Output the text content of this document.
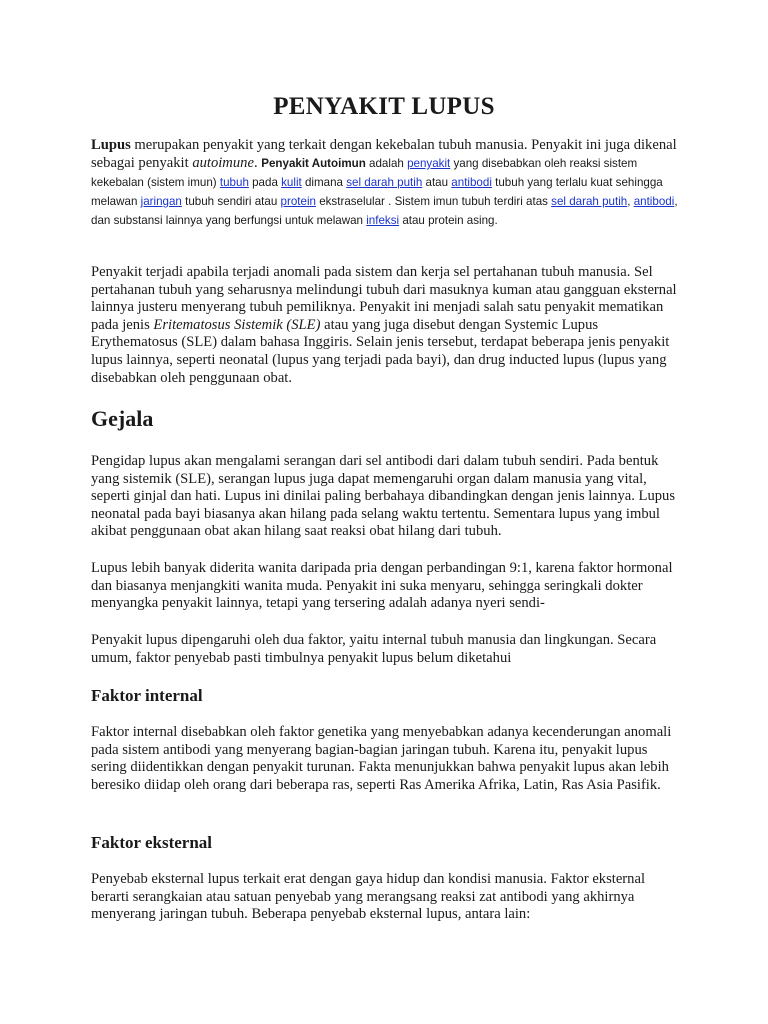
PENYAKIT LUPUS

Lupus merupakan penyakit yang terkait dengan kekebalan tubuh manusia. Penyakit ini juga dikenal sebagai penyakit autoimune. Penyakit Autoimun adalah penyakit yang disebabkan oleh reaksi sistem kekebalan (sistem imun) tubuh pada kulit dimana sel darah putih atau antibodi tubuh yang terlalu kuat sehingga melawan jaringan tubuh sendiri atau protein ekstraselular . Sistem imun tubuh terdiri atas sel darah putih, antibodi, dan substansi lainnya yang berfungsi untuk melawan infeksi atau protein asing.

Penyakit terjadi apabila terjadi anomali pada sistem dan kerja sel pertahanan tubuh manusia. Sel pertahanan tubuh yang seharusnya melindungi tubuh dari masuknya kuman atau gangguan eksternal lainnya justeru menyerang tubuh pemiliknya. Penyakit ini menjadi salah satu penyakit mematikan pada jenis Eritematosus Sistemik (SLE) atau yang juga disebut dengan Systemic Lupus Erythematosus (SLE) dalam bahasa Inggiris. Selain jenis tersebut, terdapat beberapa jenis penyakit lupus lainnya, seperti neonatal (lupus yang terjadi pada bayi), dan drug inducted lupus (lupus yang disebabkan oleh penggunaan obat.

Gejala

Pengidap lupus akan mengalami serangan dari sel antibodi dari dalam tubuh sendiri. Pada bentuk yang sistemik (SLE), serangan lupus juga dapat memengaruhi organ dalam manusia yang vital, seperti ginjal dan hati. Lupus ini dinilai paling berbahaya dibandingkan dengan jenis lainnya. Lupus neonatal pada bayi biasanya akan hilang pada selang waktu tertentu. Sementara lupus yang imbul akibat penggunaan obat akan hilang saat reaksi obat hilang dari tubuh.

Lupus lebih banyak diderita wanita daripada pria dengan perbandingan 9:1, karena faktor hormonal dan biasanya menjangkiti wanita muda. Penyakit ini suka menyaru, sehingga seringkali dokter menyangka penyakit lainnya, tetapi yang tersering adalah adanya nyeri sendi-

Penyakit lupus dipengaruhi oleh dua faktor, yaitu internal tubuh manusia dan lingkungan. Secara umum, faktor penyebab pasti timbulnya penyakit lupus belum diketahui

Faktor internal

Faktor internal disebabkan oleh faktor genetika yang menyebabkan adanya kecenderungan anomali pada sistem antibodi yang menyerang bagian-bagian jaringan tubuh. Karena itu, penyakit lupus sering diidentikkan dengan penyakit turunan. Fakta menunjukkan bahwa penyakit lupus akan lebih beresiko diidap oleh orang dari beberapa ras, seperti Ras Amerika Afrika, Latin, Ras Asia Pasifik.

Faktor eksternal

Penyebab eksternal lupus terkait erat dengan gaya hidup dan kondisi manusia. Faktor eksternal berarti serangkaian atau satuan penyebab yang merangsang reaksi zat antibodi yang akhirnya menyerang jaringan tubuh. Beberapa penyebab eksternal lupus, antara lain:
